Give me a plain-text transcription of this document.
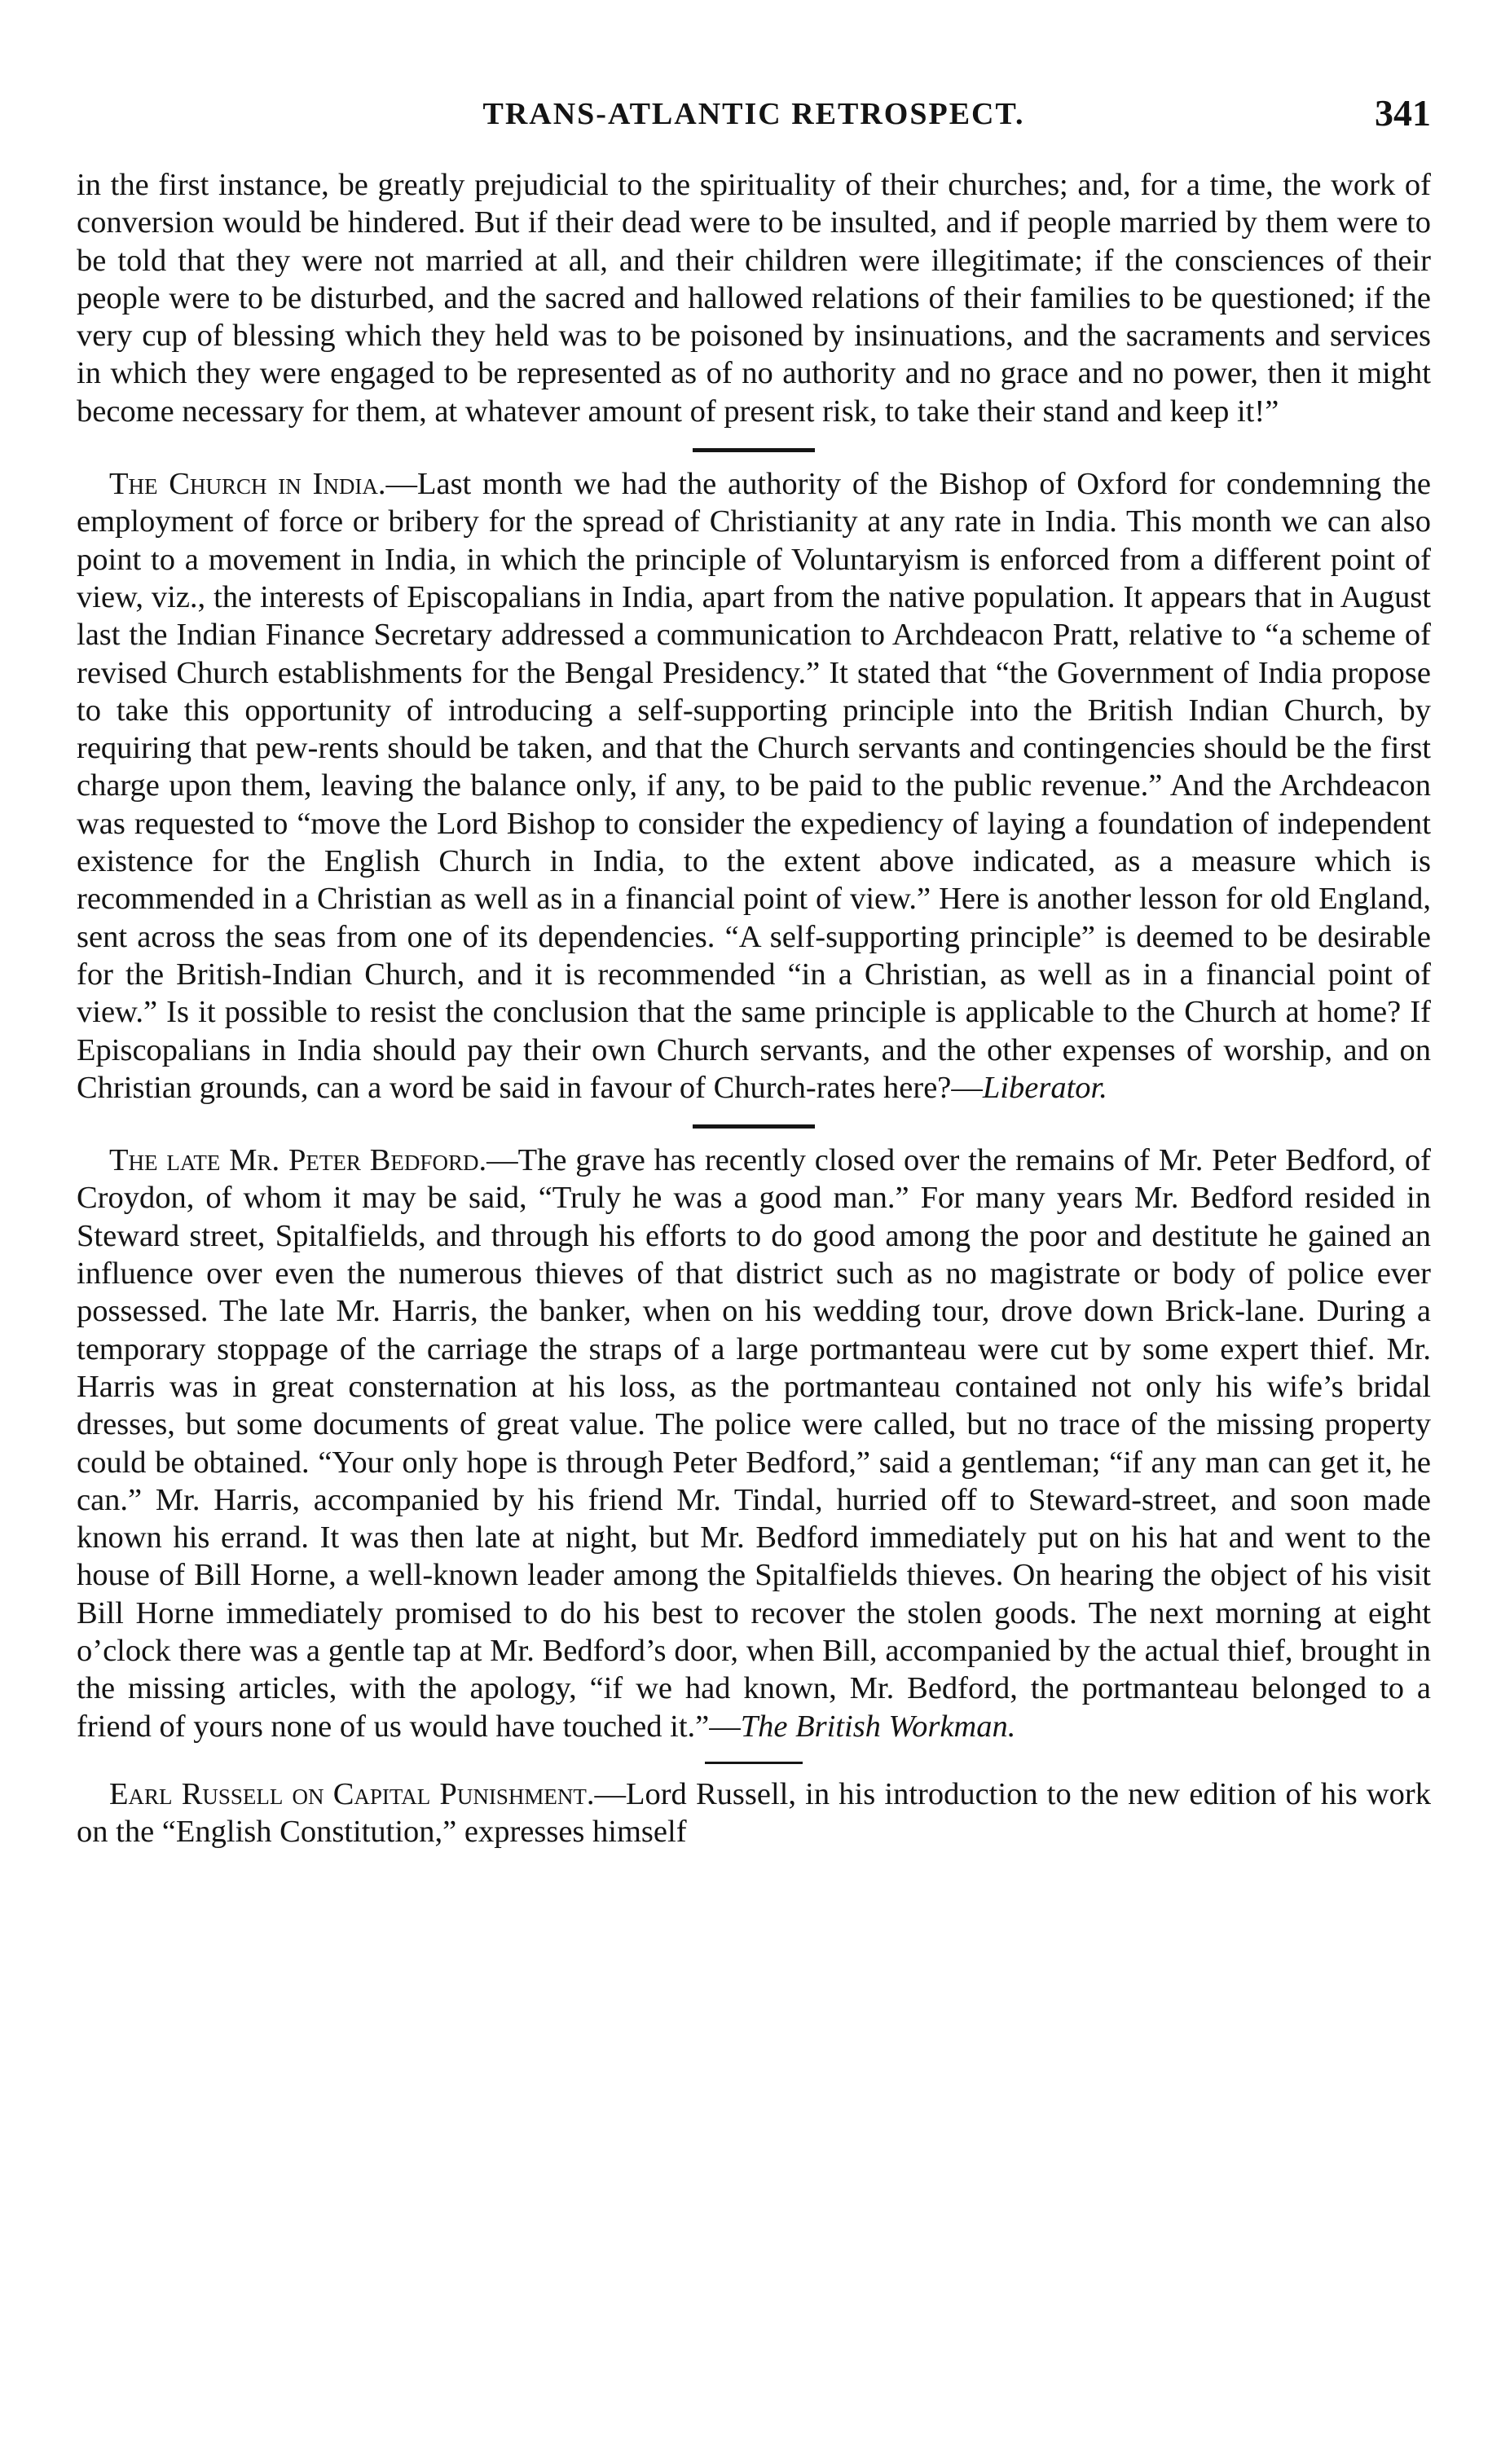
TRANS-ATLANTIC RETROSPECT.	341

in the first instance, be greatly prejudicial to the spirituality of their churches; and, for a time, the work of conversion would be hindered. But if their dead were to be insulted, and if people married by them were to be told that they were not married at all, and their children were illegitimate; if the consciences of their people were to be disturbed, and the sacred and hallowed relations of their families to be questioned; if the very cup of blessing which they held was to be poisoned by insinuations, and the sacraments and services in which they were engaged to be represented as of no authority and no grace and no power, then it might become necessary for them, at whatever amount of present risk, to take their stand and keep it!”

The Church in India.—Last month we had the authority of the Bishop of Oxford for condemning the employment of force or bribery for the spread of Christianity at any rate in India. This month we can also point to a movement in India, in which the principle of Voluntaryism is enforced from a different point of view, viz., the interests of Episcopalians in India, apart from the native population. It appears that in August last the Indian Finance Secretary addressed a communication to Archdeacon Pratt, relative to “a scheme of revised Church establishments for the Bengal Presidency.” It stated that “the Government of India propose to take this opportunity of introducing a self-supporting principle into the British Indian Church, by requiring that pew-rents should be taken, and that the Church servants and contingencies should be the first charge upon them, leaving the balance only, if any, to be paid to the public revenue.” And the Archdeacon was requested to “move the Lord Bishop to consider the expediency of laying a foundation of independent existence for the English Church in India, to the extent above indicated, as a measure which is recommended in a Christian as well as in a financial point of view.” Here is another lesson for old England, sent across the seas from one of its dependencies. “A self-supporting principle” is deemed to be desirable for the British-Indian Church, and it is recommended “in a Christian, as well as in a financial point of view.” Is it possible to resist the conclusion that the same principle is applicable to the Church at home? If Episcopalians in India should pay their own Church servants, and the other expenses of worship, and on Christian grounds, can a word be said in favour of Church-rates here?—Liberator.

The late Mr. Peter Bedford.—The grave has recently closed over the remains of Mr. Peter Bedford, of Croydon, of whom it may be said, “Truly he was a good man.” For many years Mr. Bedford resided in Steward street, Spitalfields, and through his efforts to do good among the poor and destitute he gained an influence over even the numerous thieves of that district such as no magistrate or body of police ever possessed. The late Mr. Harris, the banker, when on his wedding tour, drove down Brick-lane. During a temporary stoppage of the carriage the straps of a large portmanteau were cut by some expert thief. Mr. Harris was in great consternation at his loss, as the portmanteau contained not only his wife’s bridal dresses, but some documents of great value. The police were called, but no trace of the missing property could be obtained. “Your only hope is through Peter Bedford,” said a gentleman; “if any man can get it, he can.” Mr. Harris, accompanied by his friend Mr. Tindal, hurried off to Steward-street, and soon made known his errand. It was then late at night, but Mr. Bedford immediately put on his hat and went to the house of Bill Horne, a well-known leader among the Spitalfields thieves. On hearing the object of his visit Bill Horne immediately promised to do his best to recover the stolen goods. The next morning at eight o’clock there was a gentle tap at Mr. Bedford’s door, when Bill, accompanied by the actual thief, brought in the missing articles, with the apology, “if we had known, Mr. Bedford, the portmanteau belonged to a friend of yours none of us would have touched it.”—The British Workman.

Earl Russell on Capital Punishment.—Lord Russell, in his introduction to the new edition of his work on the “English Constitution,” expresses himself
